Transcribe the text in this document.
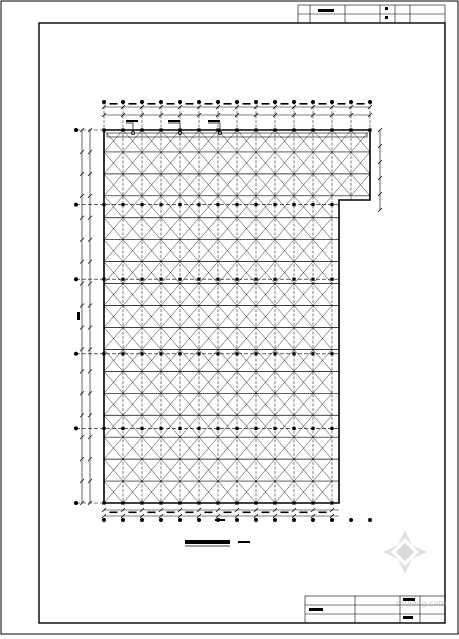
zhulong.com
